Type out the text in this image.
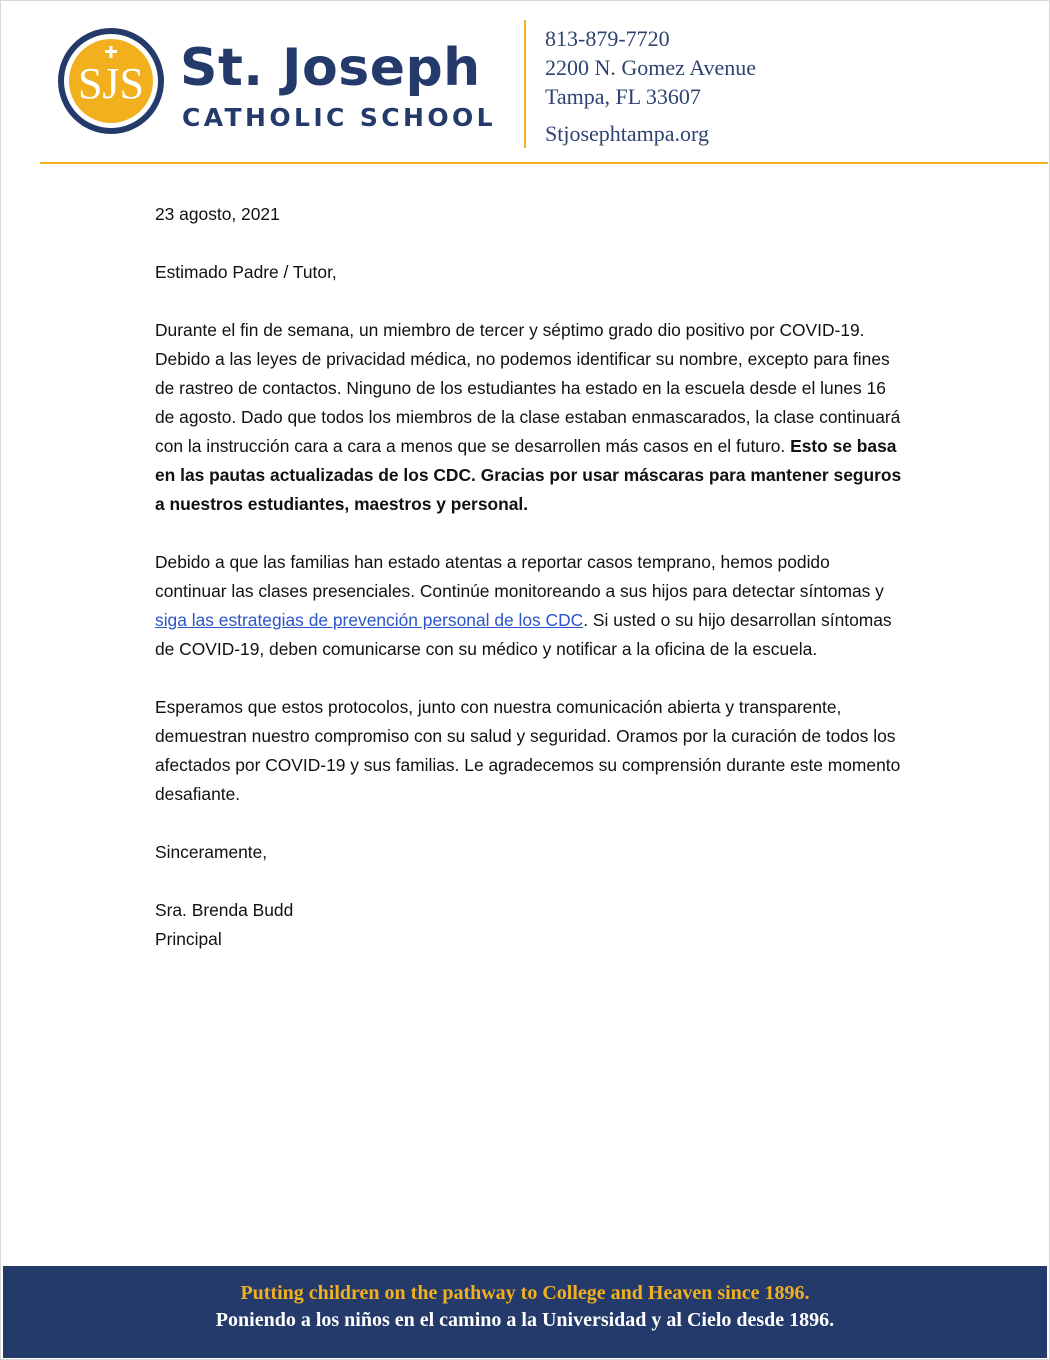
SJS St. Joseph
CATHOLIC SCHOOL
813-879-7720
2200 N. Gomez Avenue
Tampa, FL 33607
Stjosephtampa.org

23 agosto, 2021

Estimado Padre / Tutor,

Durante el fin de semana, un miembro de tercer y séptimo grado dio positivo por COVID-19. Debido a las leyes de privacidad médica, no podemos identificar su nombre, excepto para fines de rastreo de contactos. Ninguno de los estudiantes ha estado en la escuela desde el lunes 16 de agosto. Dado que todos los miembros de la clase estaban enmascarados, la clase continuará con la instrucción cara a cara a menos que se desarrollen más casos en el futuro. Esto se basa en las pautas actualizadas de los CDC. Gracias por usar máscaras para mantener seguros a nuestros estudiantes, maestros y personal.

Debido a que las familias han estado atentas a reportar casos temprano, hemos podido continuar las clases presenciales. Continúe monitoreando a sus hijos para detectar síntomas y siga las estrategias de prevención personal de los CDC. Si usted o su hijo desarrollan síntomas de COVID-19, deben comunicarse con su médico y notificar a la oficina de la escuela.

Esperamos que estos protocolos, junto con nuestra comunicación abierta y transparente, demuestran nuestro compromiso con su salud y seguridad. Oramos por la curación de todos los afectados por COVID-19 y sus familias. Le agradecemos su comprensión durante este momento desafiante.

Sinceramente,

Sra. Brenda Budd

Principal

Putting children on the pathway to College and Heaven since 1896.
Poniendo a los niños en el camino a la Universidad y al Cielo desde 1896.
